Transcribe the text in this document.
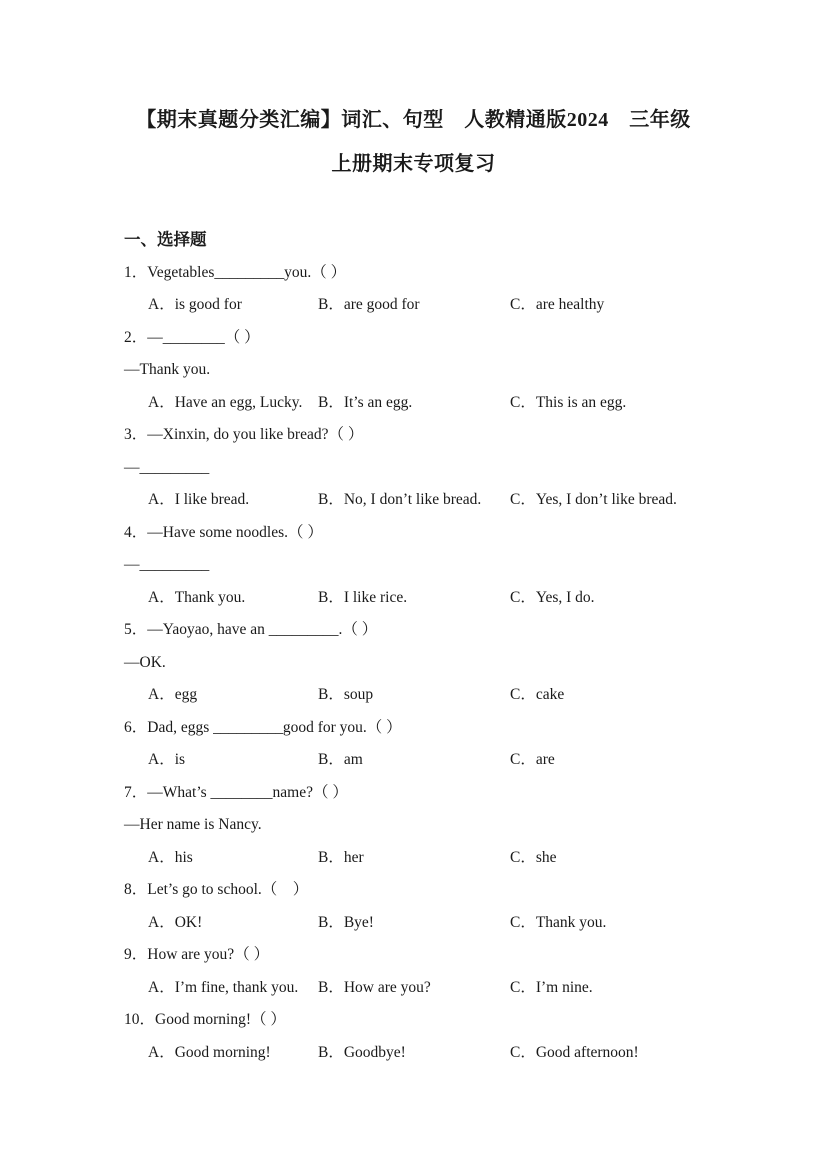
【期末真题分类汇编】词汇、句型　人教精通版2024　三年级
上册期末专项复习

一、选择题

1．Vegetables_________you.（ ）

A．is good for	B．are good for	C．are healthy

2．—________（ ）

—Thank you.

A．Have an egg, Lucky.	B．It’s an egg.	C．This is an egg.

3．—Xinxin, do you like bread?（ ）

—_________

A．I like bread.	B．No, I don’t like bread.	C．Yes, I don’t like bread.

4．—Have some noodles.（ ）

—_________

A．Thank you.	B．I like rice.	C．Yes, I do.

5．—Yaoyao, have an _________.（ ）

—OK.

A．egg	B．soup	C．cake

6．Dad, eggs _________good for you.（ ）

A．is	B．am	C．are

7．—What’s ________name?（ ）

—Her name is Nancy.

A．his	B．her	C．she

8．Let’s go to school.（　）

A．OK!	B．Bye!	C．Thank you.

9．How are you?（ ）

A．I’m fine, thank you.	B．How are you?	C．I’m nine.

10．Good morning!（ ）

A．Good morning!	B．Goodbye!	C．Good afternoon!
